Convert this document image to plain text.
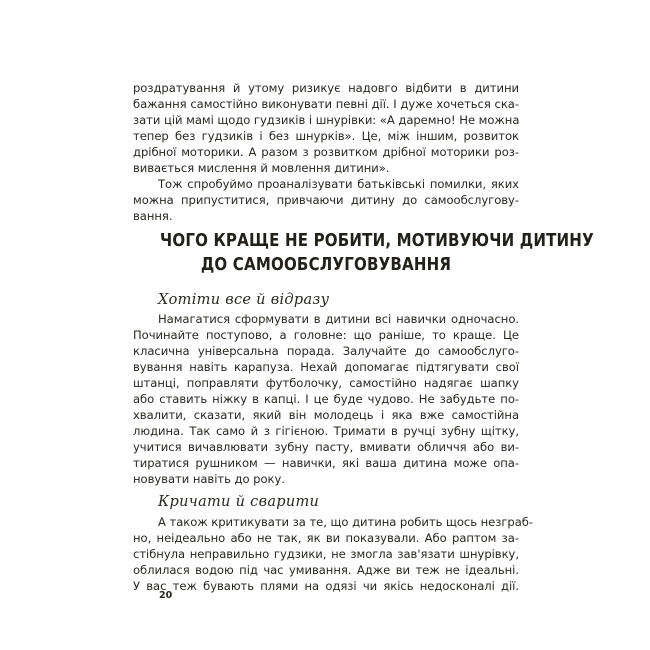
роздратування й утому ризикує надовго відбити в дитини
бажання самостійно виконувати певні дії. І дуже хочеться ска-
зати цій мамі щодо гудзиків і шнурівки: «А даремно! Не можна
тепер без гудзиків і без шнурків». Це, між іншим, розвиток
дрібної моторики. А разом з розвитком дрібної моторики роз-
вивається мислення й мовлення дитини».
Тож спробуймо проаналізувати батьківські помилки, яких
можна припуститися, привчаючи дитину до самообслугову-
вання.
ЧОГО КРАЩЕ НЕ РОБИТИ, МОТИВУЮЧИ ДИТИНУ
ДО САМООБСЛУГОВУВАННЯ
Хотіти все й відразу
Намагатися сформувати в дитини всі навички одночасно.
Починайте поступово, а головне: що раніше, то краще. Це
класична універсальна порада. Залучайте до самообслуго-
вування навіть карапуза. Нехай допомагає підтягувати свої
штанці, поправляти футболочку, самостійно надягає шапку
або ставить ніжку в капці. І це буде чудово. Не забудьте по-
хвалити, сказати, який він молодець і яка вже самостійна
людина. Так само й з гігієною. Тримати в ручці зубну щітку,
учитися вичавлювати зубну пасту, вмивати обличчя або ви-
тиратися рушником — навички, які ваша дитина може опа-
новувати навіть до року.
Кричати й сварити
А також критикувати за те, що дитина робить щось незграб-
но, неідеально або не так, як ви показували. Або раптом за-
стібнула неправильно гудзики, не змогла зав'язати шнурівку,
облилася водою під час умивання. Адже ви теж не ідеальні.
У вас теж бувають плями на одязі чи якісь недосконалі дії.
20
